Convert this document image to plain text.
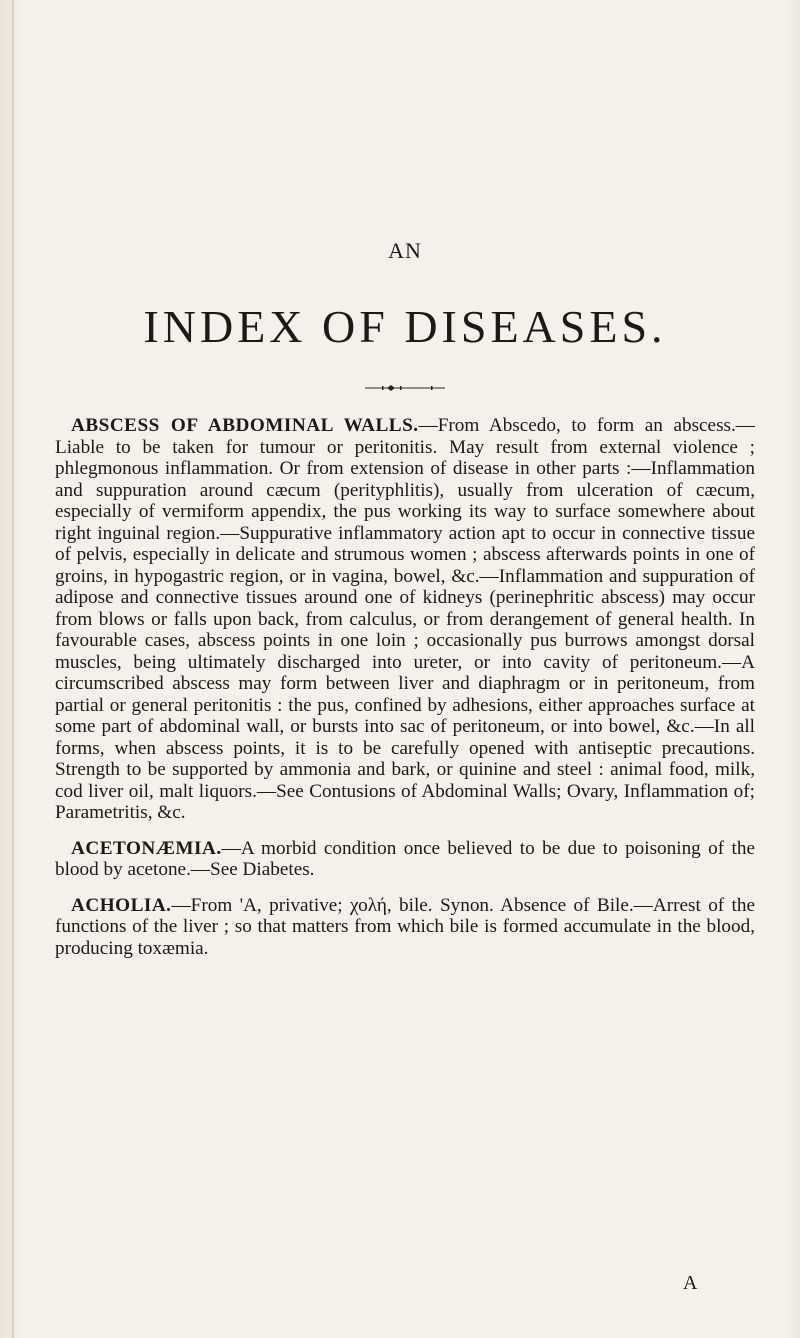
AN
INDEX OF DISEASES.

ABSCESS OF ABDOMINAL WALLS.—From Abscedo, to form an abscess.—Liable to be taken for tumour or peritonitis. May result from external violence ; phlegmonous inflammation. Or from extension of disease in other parts :—Inflammation and suppuration around cæcum (perityphlitis), usually from ulceration of cæcum, especially of vermiform appendix, the pus working its way to surface somewhere about right inguinal region.—Suppurative inflammatory action apt to occur in connective tissue of pelvis, especially in delicate and strumous women ; abscess afterwards points in one of groins, in hypogastric region, or in vagina, bowel, &c.—Inflammation and suppuration of adipose and connective tissues around one of kidneys (perinephritic abscess) may occur from blows or falls upon back, from calculus, or from derangement of general health. In favourable cases, abscess points in one loin ; occasionally pus burrows amongst dorsal muscles, being ultimately discharged into ureter, or into cavity of peritoneum.—A circumscribed abscess may form between liver and diaphragm or in peritoneum, from partial or general peritonitis : the pus, confined by adhesions, either approaches surface at some part of abdominal wall, or bursts into sac of peritoneum, or into bowel, &c.—In all forms, when abscess points, it is to be carefully opened with antiseptic precautions. Strength to be supported by ammonia and bark, or quinine and steel : animal food, milk, cod liver oil, malt liquors.—See Contusions of Abdominal Walls; Ovary, Inflammation of; Parametritis, &c.

ACETONÆMIA.—A morbid condition once believed to be due to poisoning of the blood by acetone.—See Diabetes.

ACHOLIA.—From 'A, privative; χολή, bile. Synon. Absence of Bile.—Arrest of the functions of the liver ; so that matters from which bile is formed accumulate in the blood, producing toxæmia.

A
